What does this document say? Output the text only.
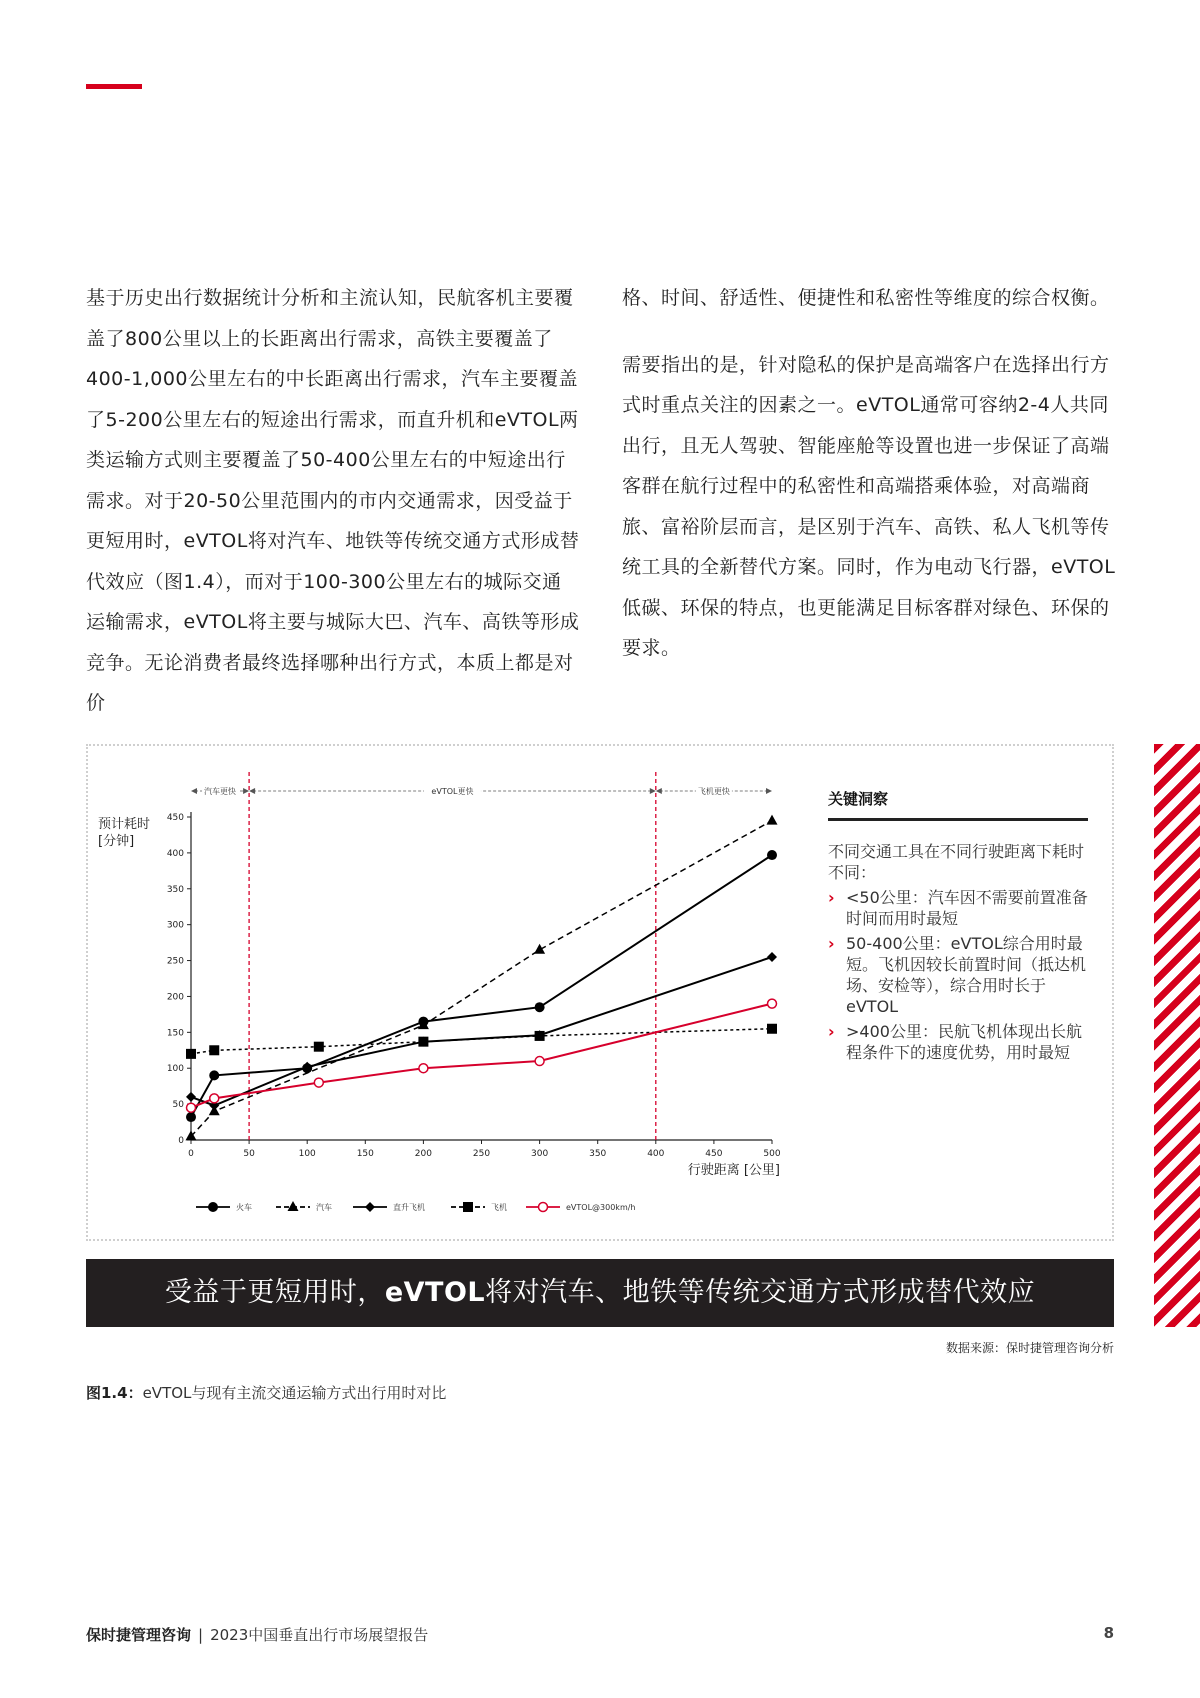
基于历史出行数据统计分析和主流认知，民航客机主要覆盖了800公里以上的长距离出行需求，高铁主要覆盖了400-1,000公里左右的中长距离出行需求，汽车主要覆盖了5-200公里左右的短途出行需求，而直升机和eVTOL两类运输方式则主要覆盖了50-400公里左右的中短途出行需求。对于20-50公里范围内的市内交通需求，因受益于更短用时，eVTOL将对汽车、地铁等传统交通方式形成替代效应（图1.4），而对于100-300公里左右的城际交通运输需求，eVTOL将主要与城际大巴、汽车、高铁等形成竞争。无论消费者最终选择哪种出行方式，本质上都是对价

格、时间、舒适性、便捷性和私密性等维度的综合权衡。

需要指出的是，针对隐私的保护是高端客户在选择出行方式时重点关注的因素之一。eVTOL通常可容纳2-4人共同出行，且无人驾驶、智能座舱等设置也进一步保证了高端客群在航行过程中的私密性和高端搭乘体验，对高端商旅、富裕阶层而言，是区别于汽车、高铁、私人飞机等传统工具的全新替代方案。同时，作为电动飞行器，eVTOL低碳、环保的特点，也更能满足目标客群对绿色、环保的要求。

0
50
100
150
200
250
300
350
400
450
0	50	100	150	200	250	300	350	400	450	500
预计耗时
[分钟]
行驶距离 [公里]
汽车更快	eVTOL更快	飞机更快
火车	汽车	直升飞机	飞机	eVTOL@300km/h
关键洞察
不同交通工具在不同行驶距离下耗时不同：
› <50公里：汽车因不需要前置准备时间而用时最短
› 50-400公里：eVTOL综合用时最短。飞机因较长前置时间（抵达机场、安检等），综合用时长于eVTOL
› >400公里：民航飞机体现出长航程条件下的速度优势，用时最短
受益于更短用时，eVTOL将对汽车、地铁等传统交通方式形成替代效应
数据来源：保时捷管理咨询分析
图1.4：eVTOL与现有主流交通运输方式出行用时对比
保时捷管理咨询 | 2023中国垂直出行市场展望报告	8
